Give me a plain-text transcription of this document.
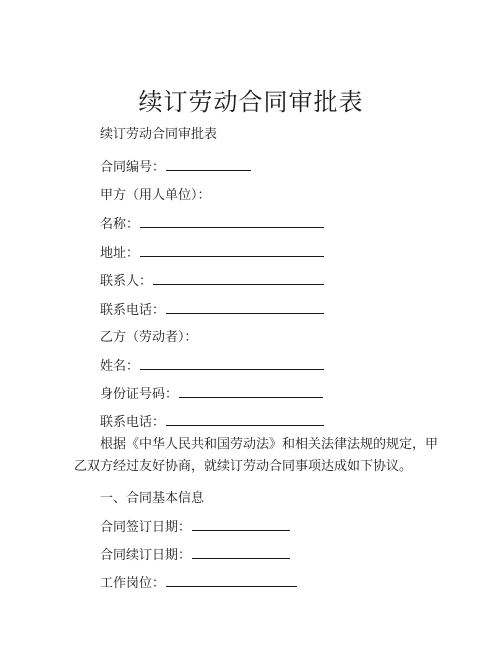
续订劳动合同审批表
续订劳动合同审批表
合同编号：
甲方（用人单位）：
名称：
地址：
联系人：
联系电话：
乙方（劳动者）：
姓名：
身份证号码：
联系电话：
根据《中华人民共和国劳动法》和相关法律法规的规定，甲乙双方经过友好协商，就续订劳动合同事项达成如下协议。
一、合同基本信息
合同签订日期：
合同续订日期：
工作岗位：
